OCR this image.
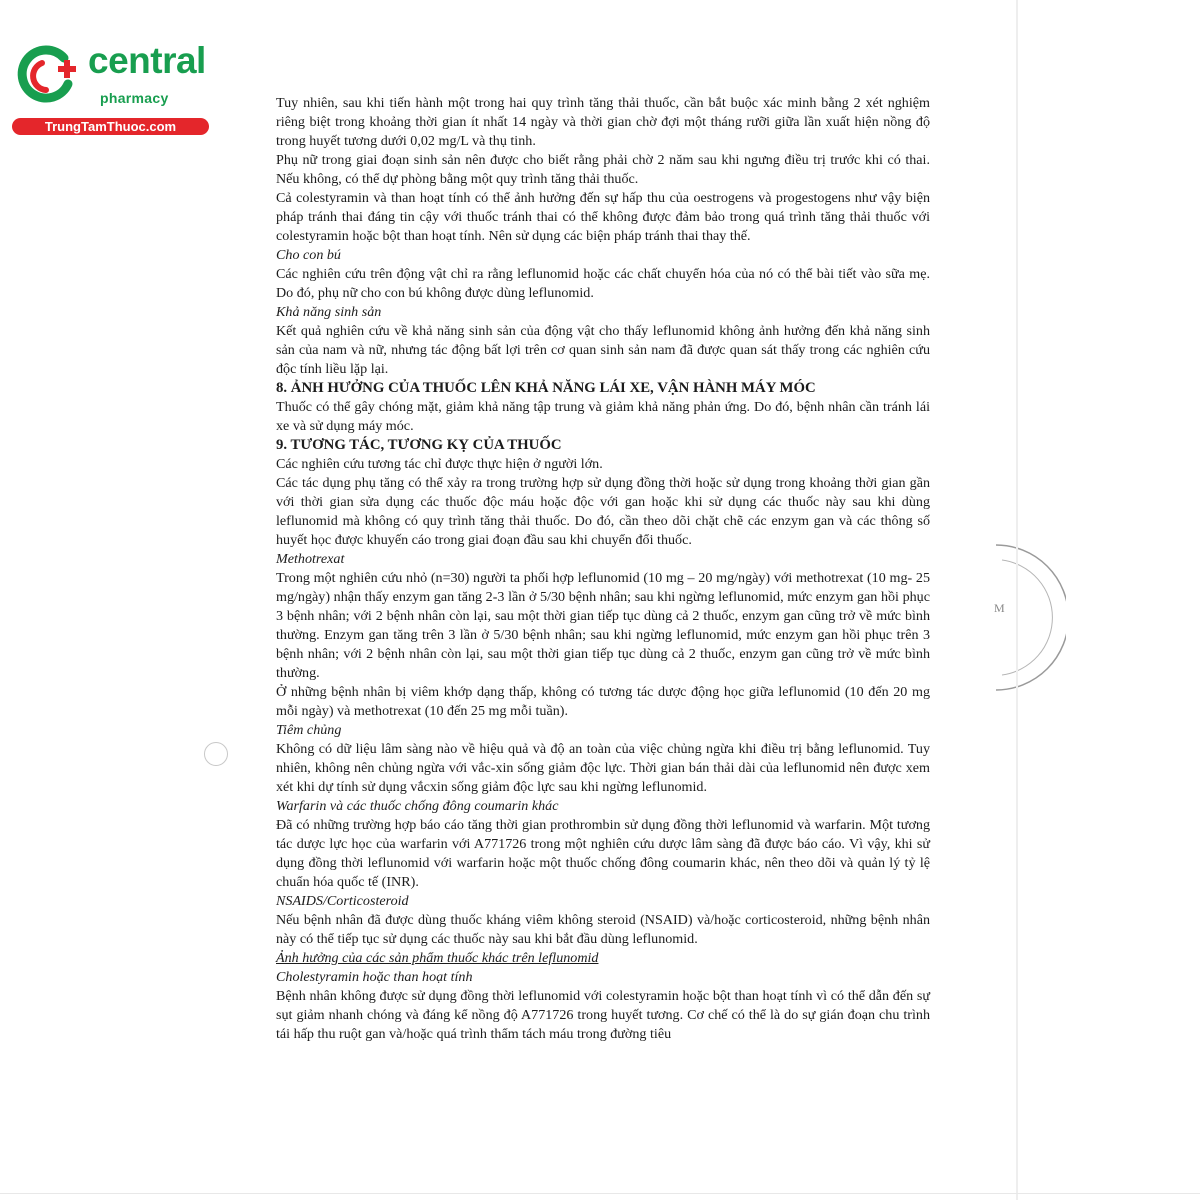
central
pharmacy
TrungTamThuoc.com

Tuy nhiên, sau khi tiến hành một trong hai quy trình tăng thải thuốc, cần bắt buộc xác minh bằng 2 xét nghiệm riêng biệt trong khoảng thời gian ít nhất 14 ngày và thời gian chờ đợi một tháng rưỡi giữa lần xuất hiện nồng độ trong huyết tương dưới 0,02 mg/L và thụ tinh.

Phụ nữ trong giai đoạn sinh sản nên được cho biết rằng phải chờ 2 năm sau khi ngưng điều trị trước khi có thai. Nếu không, có thể dự phòng bằng một quy trình tăng thải thuốc.

Cả colestyramin và than hoạt tính có thể ảnh hưởng đến sự hấp thu của oestrogens và progestogens như vậy biện pháp tránh thai đáng tin cậy với thuốc tránh thai có thể không được đảm bảo trong quá trình tăng thải thuốc với colestyramin hoặc bột than hoạt tính. Nên sử dụng các biện pháp tránh thai thay thế.

Cho con bú

Các nghiên cứu trên động vật chỉ ra rằng leflunomid hoặc các chất chuyển hóa của nó có thể bài tiết vào sữa mẹ. Do đó, phụ nữ cho con bú không được dùng leflunomid.

Khả năng sinh sản

Kết quả nghiên cứu về khả năng sinh sản của động vật cho thấy leflunomid không ảnh hưởng đến khả năng sinh sản của nam và nữ, nhưng tác động bất lợi trên cơ quan sinh sản nam đã được quan sát thấy trong các nghiên cứu độc tính liều lặp lại.

8. ẢNH HƯỞNG CỦA THUỐC LÊN KHẢ NĂNG LÁI XE, VẬN HÀNH MÁY MÓC

Thuốc có thể gây chóng mặt, giảm khả năng tập trung và giảm khả năng phản ứng. Do đó, bệnh nhân cần tránh lái xe và sử dụng máy móc.

9. TƯƠNG TÁC, TƯƠNG KỴ CỦA THUỐC

Các nghiên cứu tương tác chỉ được thực hiện ở người lớn.

Các tác dụng phụ tăng có thể xảy ra trong trường hợp sử dụng đồng thời hoặc sử dụng trong khoảng thời gian gần với thời gian sửa dụng các thuốc độc máu hoặc độc với gan hoặc khi sử dụng các thuốc này sau khi dùng leflunomid mà không có quy trình tăng thải thuốc. Do đó, cần theo dõi chặt chẽ các enzym gan và các thông số huyết học được khuyến cáo trong giai đoạn đầu sau khi chuyển đổi thuốc.

Methotrexat

Trong một nghiên cứu nhỏ (n=30) người ta phối hợp leflunomid (10 mg – 20 mg/ngày) với methotrexat (10 mg- 25 mg/ngày) nhận thấy enzym gan tăng 2-3 lần ở 5/30 bệnh nhân; sau khi ngừng leflunomid, mức enzym gan hồi phục 3 bệnh nhân; với 2 bệnh nhân còn lại, sau một thời gian tiếp tục dùng cả 2 thuốc, enzym gan cũng trở về mức bình thường. Enzym gan tăng trên 3 lần ở 5/30 bệnh nhân; sau khi ngừng leflunomid, mức enzym gan hồi phục trên 3 bệnh nhân; với 2 bệnh nhân còn lại, sau một thời gian tiếp tục dùng cả 2 thuốc, enzym gan cũng trở về mức bình thường.

Ở những bệnh nhân bị viêm khớp dạng thấp, không có tương tác dược động học giữa leflunomid (10 đến 20 mg mỗi ngày) và methotrexat (10 đến 25 mg mỗi tuần).

Tiêm chủng

Không có dữ liệu lâm sàng nào về hiệu quả và độ an toàn của việc chủng ngừa khi điều trị bằng leflunomid. Tuy nhiên, không nên chủng ngừa với vắc-xin sống giảm độc lực. Thời gian bán thải dài của leflunomid nên được xem xét khi dự tính sử dụng vắcxin sống giảm độc lực sau khi ngừng leflunomid.

Warfarin và các thuốc chống đông coumarin khác

Đã có những trường hợp báo cáo tăng thời gian prothrombin sử dụng đồng thời leflunomid và warfarin. Một tương tác dược lực học của warfarin với A771726 trong một nghiên cứu dược lâm sàng đã được báo cáo. Vì vậy, khi sử dụng đồng thời leflunomid với warfarin hoặc một thuốc chống đông coumarin khác, nên theo dõi và quản lý tỷ lệ chuẩn hóa quốc tế (INR).

NSAIDS/Corticosteroid

Nếu bệnh nhân đã được dùng thuốc kháng viêm không steroid (NSAID) và/hoặc corticosteroid, những bệnh nhân này có thể tiếp tục sử dụng các thuốc này sau khi bắt đầu dùng leflunomid.

Ảnh hưởng của các sản phẩm thuốc khác trên leflunomid

Cholestyramin hoặc than hoạt tính

Bệnh nhân không được sử dụng đồng thời leflunomid với colestyramin hoặc bột than hoạt tính vì có thể dẫn đến sự sụt giảm nhanh chóng và đáng kể nồng độ A771726 trong huyết tương. Cơ chế có thể là do sự gián đoạn chu trình tái hấp thu ruột gan và/hoặc quá trình thẩm tách máu trong đường tiêu

M
